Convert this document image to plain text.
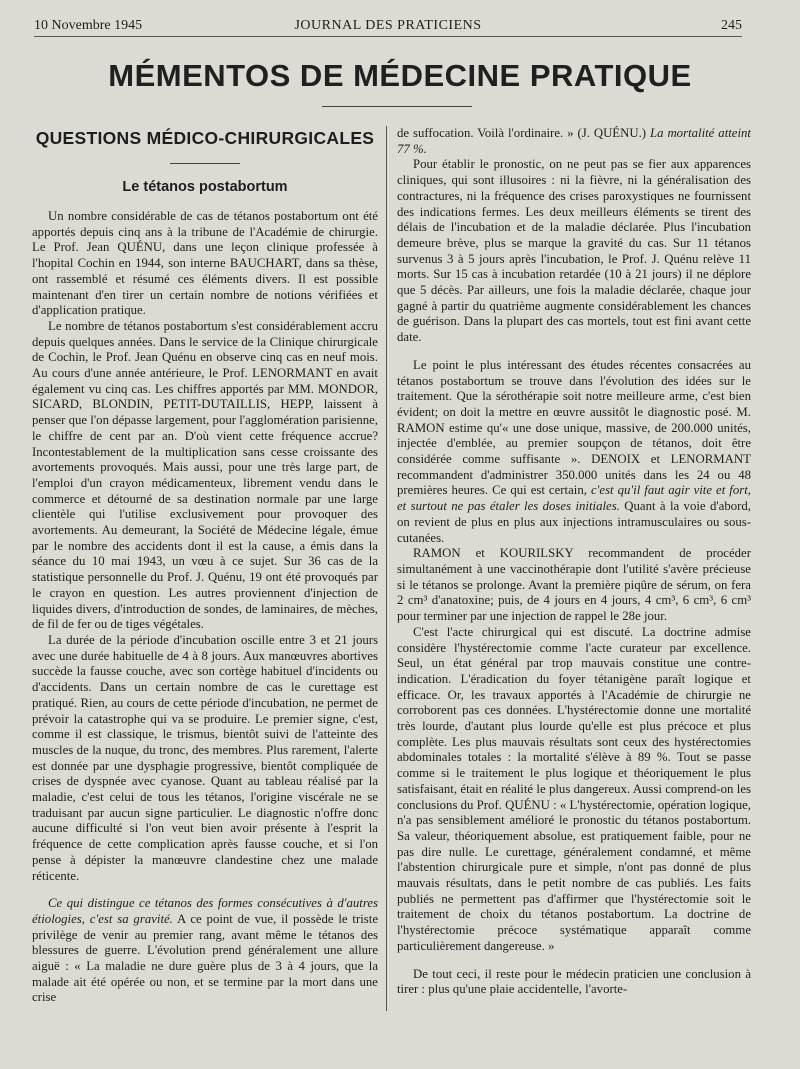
10 Novembre 1945	JOURNAL DES PRATICIENS	245
MÉMENTOS DE MÉDECINE PRATIQUE
QUESTIONS MÉDICO-CHIRURGICALES
Le tétanos postabortum

Un nombre considérable de cas de tétanos postabortum ont été apportés depuis cinq ans à la tribune de l'Académie de chirurgie. Le Prof. Jean QUÉNU, dans une leçon clinique professée à l'hopital Cochin en 1944, son interne BAUCHART, dans sa thèse, ont rassemblé et résumé ces éléments divers. Il est possible maintenant d'en tirer un certain nombre de notions vérifiées et d'application pratique.

Le nombre de tétanos postabortum s'est considérablement accru depuis quelques années. Dans le service de la Clinique chirurgicale de Cochin, le Prof. Jean Quénu en observe cinq cas en neuf mois. Au cours d'une année antérieure, le Prof. LENORMANT en avait également vu cinq cas. Les chiffres apportés par MM. MONDOR, SICARD, BLONDIN, PETIT-DUTAILLIS, HEPP, laissent à penser que l'on dépasse largement, pour l'agglomération parisienne, le chiffre de cent par an. D'où vient cette fréquence accrue? Incontestablement de la multiplication sans cesse croissante des avortements provoqués. Mais aussi, pour une très large part, de l'emploi d'un crayon médicamenteux, librement vendu dans le commerce et détourné de sa destination normale par une large clientèle qui l'utilise exclusivement pour provoquer des avortements. Au demeurant, la Société de Médecine légale, émue par le nombre des accidents dont il est la cause, a émis dans la séance du 10 mai 1943, un vœu à ce sujet. Sur 36 cas de la statistique personnelle du Prof. J. Quénu, 19 ont été provoqués par le crayon en question. Les autres proviennent d'injection de liquides divers, d'introduction de sondes, de laminaires, de mèches, de fil de fer ou de tiges végétales.

La durée de la période d'incubation oscille entre 3 et 21 jours avec une durée habituelle de 4 à 8 jours. Aux manœuvres abortives succède la fausse couche, avec son cortège habituel d'incidents ou d'accidents. Dans un certain nombre de cas le curettage est pratiqué. Rien, au cours de cette période d'incubation, ne permet de prévoir la catastrophe qui va se produire. Le premier signe, c'est, comme il est classique, le trismus, bientôt suivi de l'atteinte des muscles de la nuque, du tronc, des membres. Plus rarement, l'alerte est donnée par une dysphagie progressive, bientôt compliquée de crises de dyspnée avec cyanose. Quant au tableau réalisé par la maladie, c'est celui de tous les tétanos, l'origine viscérale ne se traduisant par aucun signe particulier. Le diagnostic n'offre donc aucune difficulté si l'on veut bien avoir présente à l'esprit la fréquence de cette complication après fausse couche, et si l'on pense à dépister la manœuvre clandestine chez une malade réticente.

Ce qui distingue ce tétanos des formes consécutives à d'autres étiologies, c'est sa gravité. A ce point de vue, il possède le triste privilège de venir au premier rang, avant même le tétanos des blessures de guerre. L'évolution prend généralement une allure aiguë : « La maladie ne dure guère plus de 3 à 4 jours, que la malade ait été opérée ou non, et se termine par la mort dans une crise

de suffocation. Voilà l'ordinaire. » (J. QUÉNU.) La mortalité atteint 77 %.

Pour établir le pronostic, on ne peut pas se fier aux apparences cliniques, qui sont illusoires : ni la fièvre, ni la généralisation des contractures, ni la fréquence des crises paroxystiques ne fournissent des indications fermes. Les deux meilleurs éléments se tirent des délais de l'incubation et de la maladie déclarée. Plus l'incubation demeure brève, plus se marque la gravité du cas. Sur 11 tétanos survenus 3 à 5 jours après l'incubation, le Prof. J. Quénu relève 11 morts. Sur 15 cas à incubation retardée (10 à 21 jours) il ne déplore que 5 décès. Par ailleurs, une fois la maladie déclarée, chaque jour gagné à partir du quatrième augmente considérablement les chances de guérison. Dans la plupart des cas mortels, tout est fini avant cette date.

Le point le plus intéressant des études récentes consacrées au tétanos postabortum se trouve dans l'évolution des idées sur le traitement. Que la sérothérapie soit notre meilleure arme, c'est bien évident; on doit la mettre en œuvre aussitôt le diagnostic posé. M. RAMON estime qu'« une dose unique, massive, de 200.000 unités, injectée d'emblée, au premier soupçon de tétanos, doit être considérée comme suffisante ». DENOIX et LENORMANT recommandent d'administrer 350.000 unités dans les 24 ou 48 premières heures. Ce qui est certain, c'est qu'il faut agir vite et fort, et surtout ne pas étaler les doses initiales. Quant à la voie d'abord, on revient de plus en plus aux injections intramusculaires ou sous-cutanées.

RAMON et KOURILSKY recommandent de procéder simultanément à une vaccinothérapie dont l'utilité s'avère précieuse si le tétanos se prolonge. Avant la première piqûre de sérum, on fera 2 cm³ d'anatoxine; puis, de 4 jours en 4 jours, 4 cm³, 6 cm³, 6 cm³ pour terminer par une injection de rappel le 28e jour.

C'est l'acte chirurgical qui est discuté. La doctrine admise considère l'hystérectomie comme l'acte curateur par excellence. Seul, un état général par trop mauvais constitue une contre-indication. L'éradication du foyer tétanigène paraît logique et efficace. Or, les travaux apportés à l'Académie de chirurgie ne corroborent pas ces données. L'hystérectomie donne une mortalité très lourde, d'autant plus lourde qu'elle est plus précoce et plus complète. Les plus mauvais résultats sont ceux des hystérectomies abdominales totales : la mortalité s'élève à 89 %. Tout se passe comme si le traitement le plus logique et théoriquement le plus satisfaisant, était en réalité le plus dangereux. Aussi comprend-on les conclusions du Prof. QUÉNU : « L'hystérectomie, opération logique, n'a pas sensiblement amélioré le pronostic du tétanos postabortum. Sa valeur, théoriquement absolue, est pratiquement faible, pour ne pas dire nulle. Le curettage, généralement condamné, et même l'abstention chirurgicale pure et simple, n'ont pas donné de plus mauvais résultats, dans le petit nombre de cas publiés. Les faits publiés ne permettent pas d'affirmer que l'hystérectomie soit le traitement de choix du tétanos postabortum. La doctrine de l'hystérectomie précoce systématique apparaît comme particulièrement dangereuse. »

De tout ceci, il reste pour le médecin praticien une conclusion à tirer : plus qu'une plaie accidentelle, l'avorte-
